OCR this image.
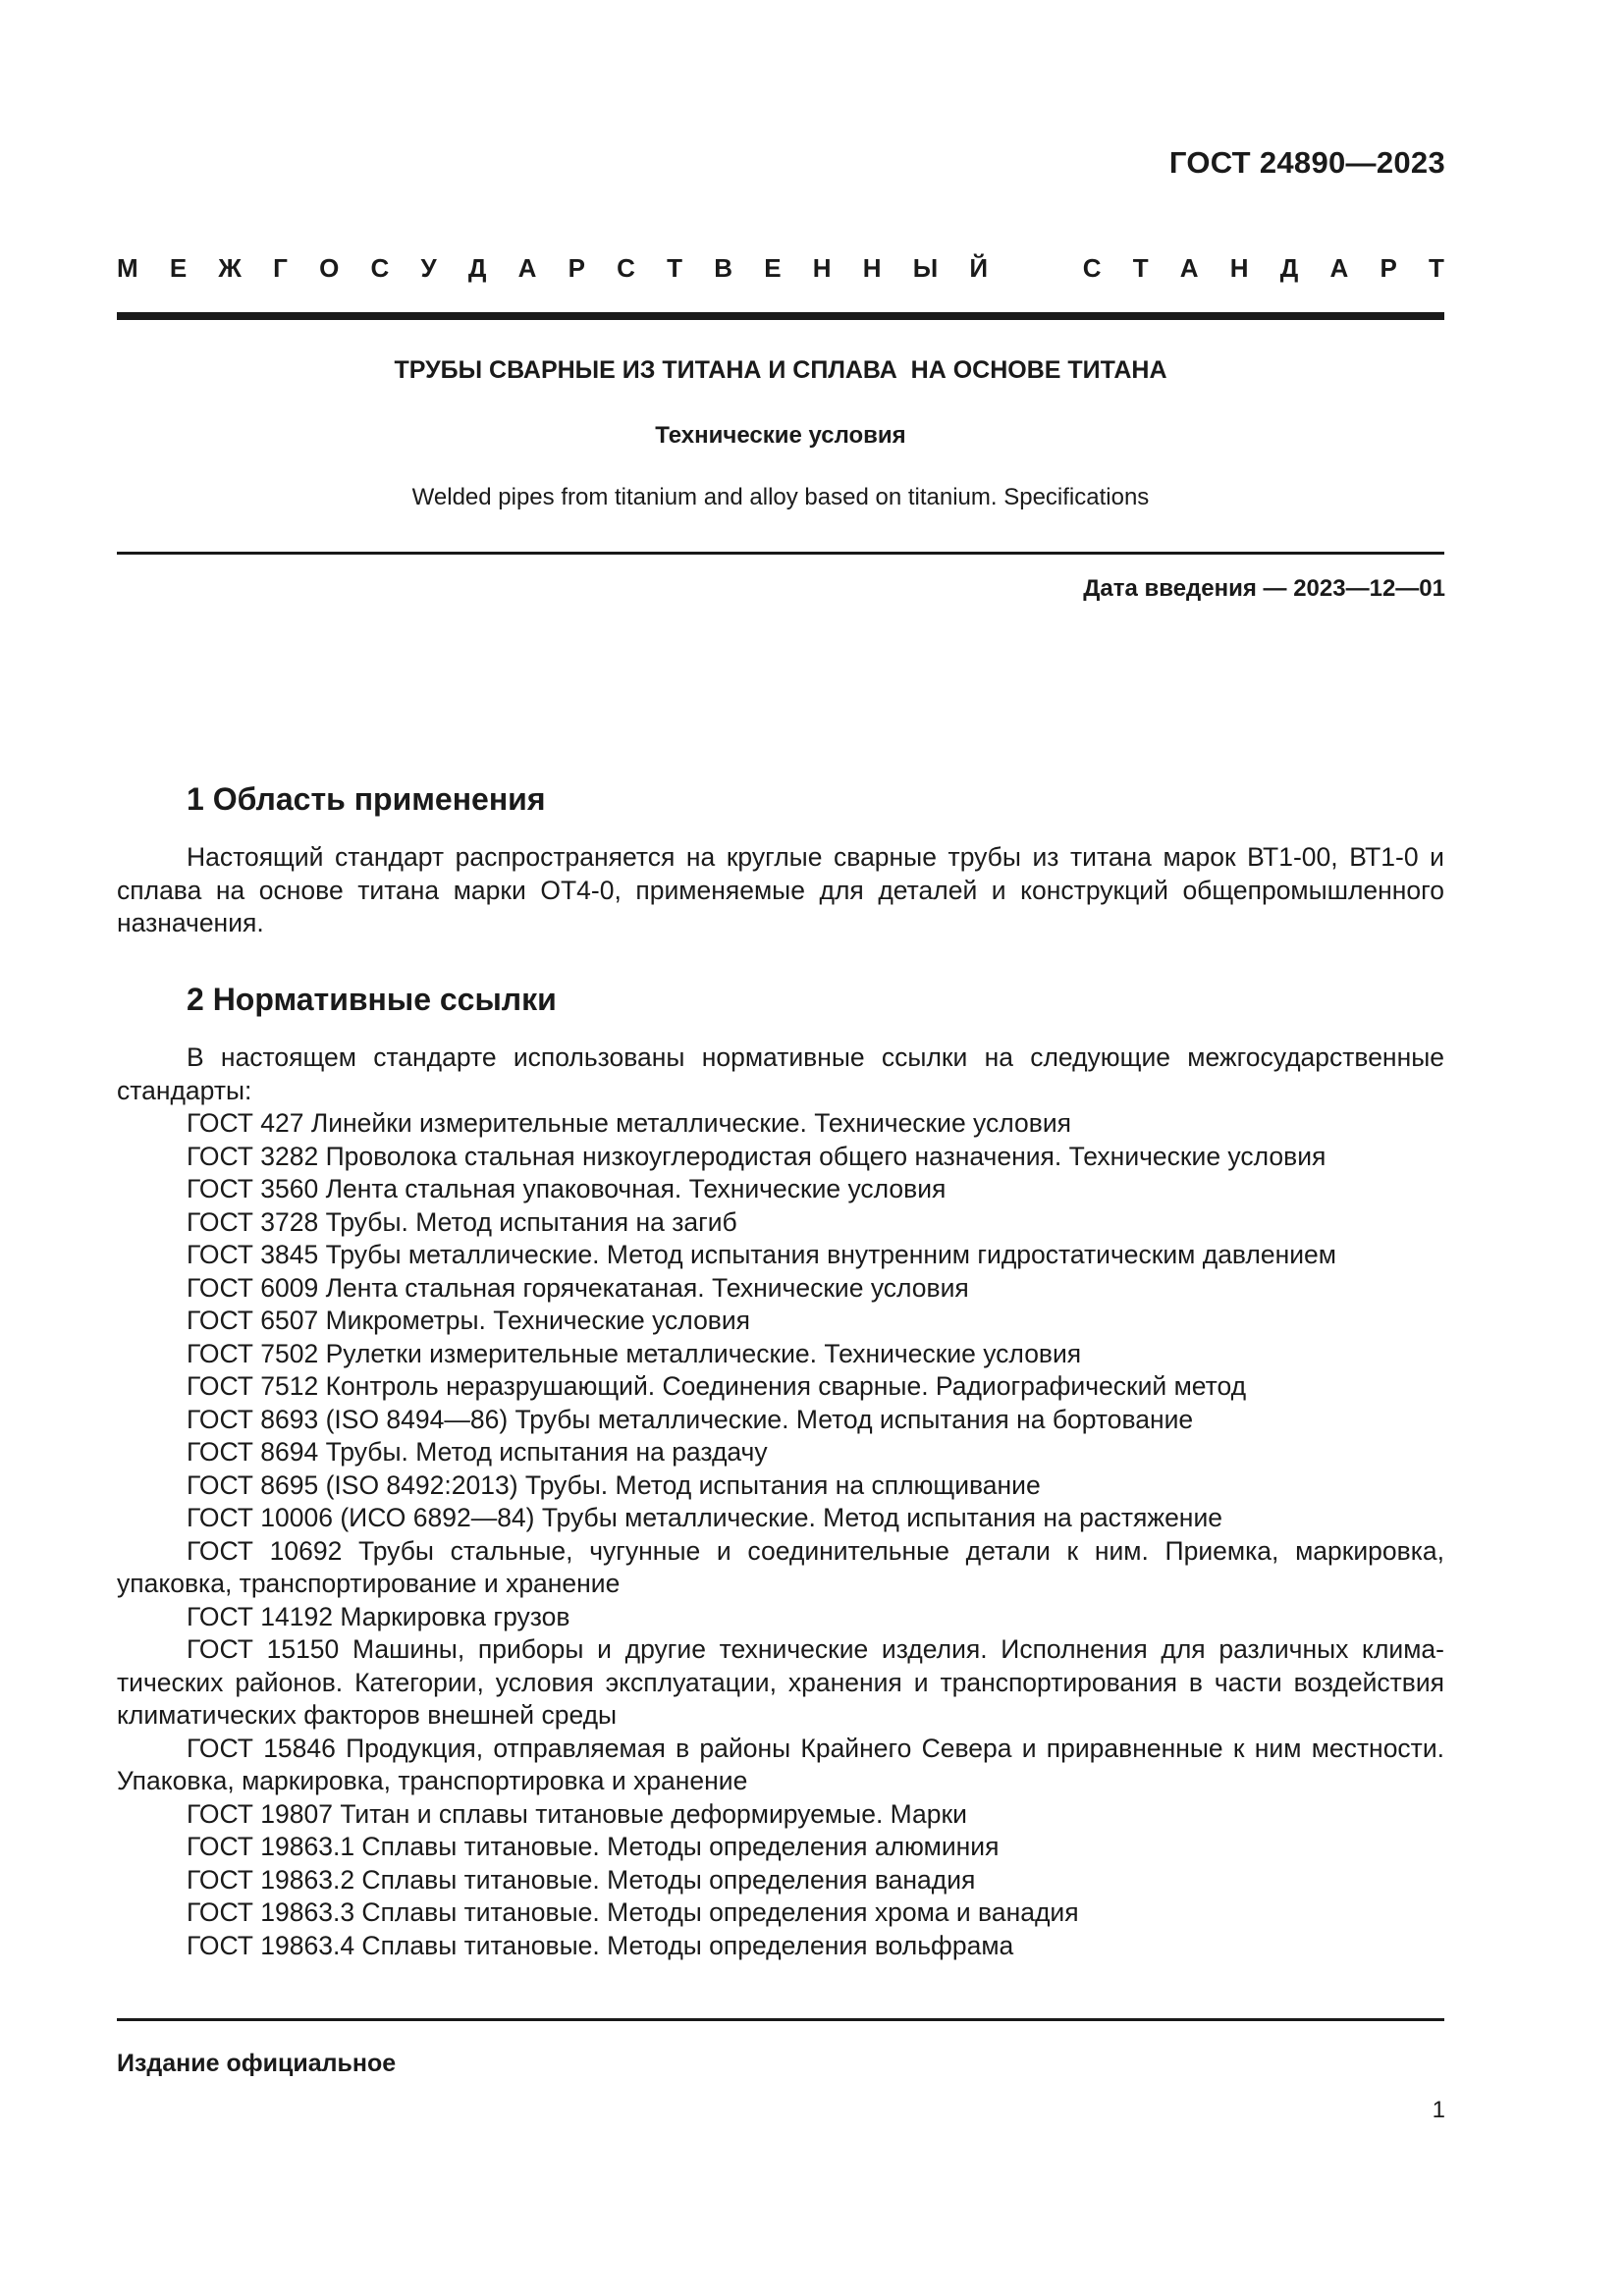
ГОСТ 24890—2023
М Е Ж Г О С У Д А Р С Т В Е Н Н Ы Й	С Т А Н Д А Р Т
ТРУБЫ СВАРНЫЕ ИЗ ТИТАНА И СПЛАВА  НА ОСНОВЕ ТИТАНА
Технические условия
Welded pipes from titanium and alloy based on titanium. Specifications
Дата введения — 2023—12—01
1 Область применения

Настоящий стандарт распространяется на круглые сварные трубы из титана марок ВТ1-00, ВТ1-0 и сплава на основе титана марки ОТ4-0, применяемые для деталей и конструкций общепромышленного назначения.

2 Нормативные ссылки

В настоящем стандарте использованы нормативные ссылки на следующие межгосударственные стандарты:

ГОСТ 427 Линейки измерительные металлические. Технические условия
ГОСТ 3282 Проволока стальная низкоуглеродистая общего назначения. Технические условия
ГОСТ 3560 Лента стальная упаковочная. Технические условия
ГОСТ 3728 Трубы. Метод испытания на загиб
ГОСТ 3845 Трубы металлические. Метод испытания внутренним гидростатическим давлением
ГОСТ 6009 Лента стальная горячекатаная. Технические условия
ГОСТ 6507 Микрометры. Технические условия
ГОСТ 7502 Рулетки измерительные металлические. Технические условия
ГОСТ 7512 Контроль неразрушающий. Соединения сварные. Радиографический метод
ГОСТ 8693 (ISO 8494—86) Трубы металлические. Метод испытания на бортование
ГОСТ 8694 Трубы. Метод испытания на раздачу
ГОСТ 8695 (ISO 8492:2013) Трубы. Метод испытания на сплющивание
ГОСТ 10006 (ИСО 6892—84) Трубы металлические. Метод испытания на растяжение
ГОСТ 10692 Трубы стальные, чугунные и соединительные детали к ним. Приемка, маркировка, упаковка, транспортирование и хранение
ГОСТ 14192 Маркировка грузов
ГОСТ 15150 Машины, приборы и другие технические изделия. Исполнения для различных климатических районов. Категории, условия эксплуатации, хранения и транспортирования в части воздействия климатических факторов внешней среды
ГОСТ 15846 Продукция, отправляемая в районы Крайнего Севера и приравненные к ним местности. Упаковка, маркировка, транспортировка и хранение
ГОСТ 19807 Титан и сплавы титановые деформируемые. Марки
ГОСТ 19863.1 Сплавы титановые. Методы определения алюминия
ГОСТ 19863.2 Сплавы титановые. Методы определения ванадия
ГОСТ 19863.3 Сплавы титановые. Методы определения хрома и ванадия
ГОСТ 19863.4 Сплавы титановые. Методы определения вольфрама
Издание официальное
1
